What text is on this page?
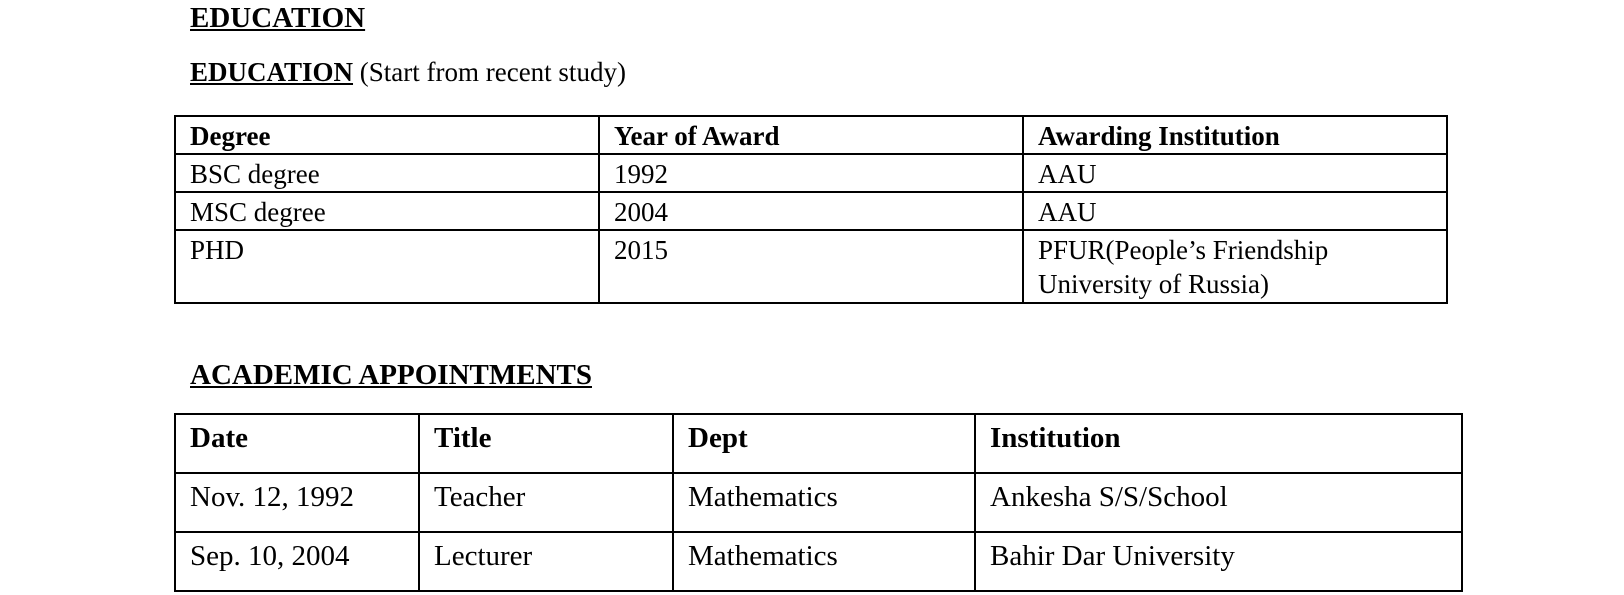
EDUCATION
EDUCATION (Start from recent study)
Degree	Year of Award	Awarding Institution
BSC degree	1992	AAU
MSC degree	2004	AAU
PHD	2015	PFUR(People’s Friendship University of Russia)
ACADEMIC APPOINTMENTS
Date	Title	Dept	Institution
Nov. 12, 1992	Teacher	Mathematics	Ankesha S/S/School
Sep. 10, 2004	Lecturer	Mathematics	Bahir Dar University
